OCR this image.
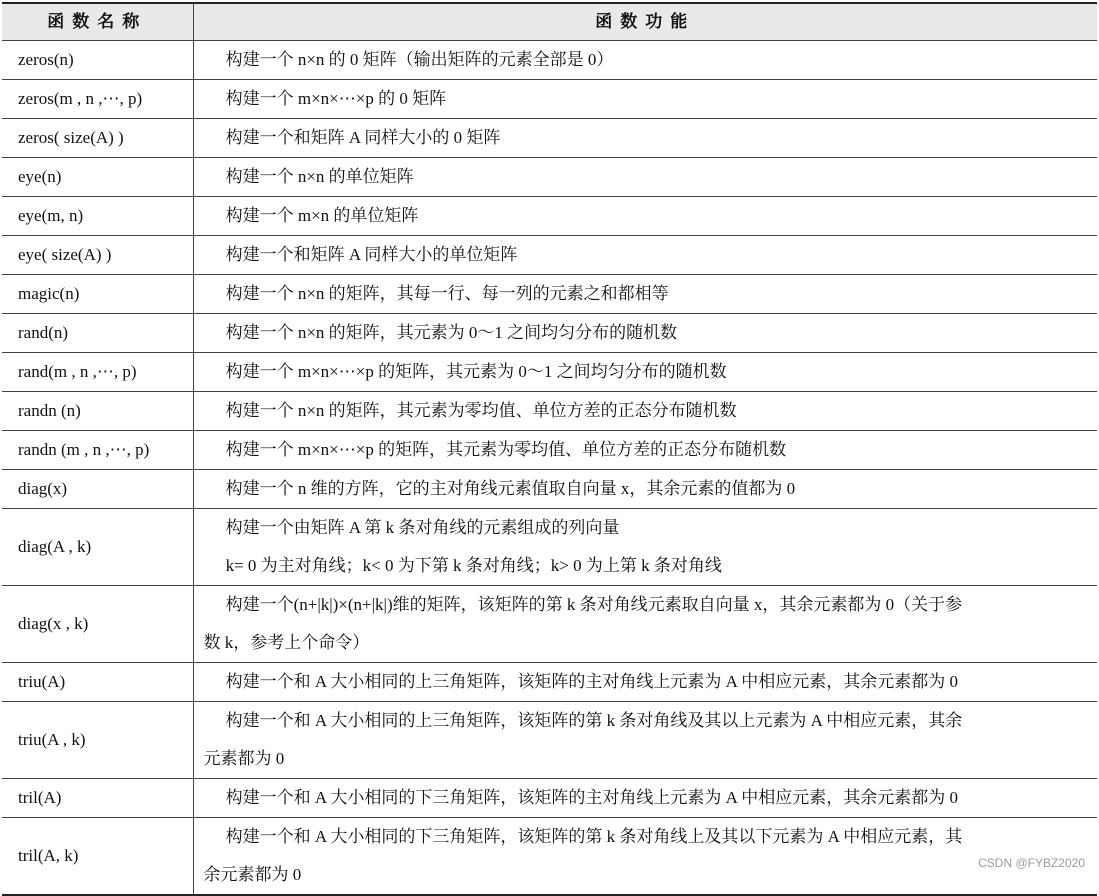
函数名称	函数功能
zeros(n)	构建一个 n×n 的 0 矩阵（输出矩阵的元素全部是 0）

zeros(m , n ,⋯, p)	构建一个 m×n×⋯×p 的 0 矩阵

zeros( size(A) )	构建一个和矩阵 A 同样大小的 0 矩阵

eye(n)	构建一个 n×n 的单位矩阵

eye(m, n)	构建一个 m×n 的单位矩阵

eye( size(A) )	构建一个和矩阵 A 同样大小的单位矩阵

magic(n)	构建一个 n×n 的矩阵，其每一行、每一列的元素之和都相等

rand(n)	构建一个 n×n 的矩阵，其元素为 0～1 之间均匀分布的随机数

rand(m , n ,⋯, p)	构建一个 m×n×⋯×p 的矩阵，其元素为 0～1 之间均匀分布的随机数

randn (n)	构建一个 n×n 的矩阵，其元素为零均值、单位方差的正态分布随机数

randn (m , n ,⋯, p)	构建一个 m×n×⋯×p 的矩阵，其元素为零均值、单位方差的正态分布随机数

diag(x)	构建一个 n 维的方阵，它的主对角线元素值取自向量 x，其余元素的值都为 0

diag(A , k)	构建一个由矩阵 A 第 k 条对角线的元素组成的列向量
k= 0 为主对角线；k< 0 为下第 k 条对角线；k> 0 为上第 k 条对角线

diag(x , k)	构建一个(n+|k|)×(n+|k|)维的矩阵，该矩阵的第 k 条对角线元素取自向量 x，其余元素都为 0（关于参
数 k，参考上个命令）

triu(A)	构建一个和 A 大小相同的上三角矩阵，该矩阵的主对角线上元素为 A 中相应元素，其余元素都为 0

triu(A , k)	构建一个和 A 大小相同的上三角矩阵，该矩阵的第 k 条对角线及其以上元素为 A 中相应元素，其余
元素都为 0

tril(A)	构建一个和 A 大小相同的下三角矩阵，该矩阵的主对角线上元素为 A 中相应元素，其余元素都为 0

tril(A, k)	构建一个和 A 大小相同的下三角矩阵，该矩阵的第 k 条对角线上及其以下元素为 A 中相应元素，其
余元素都为 0
CSDN @FYBZ2020
